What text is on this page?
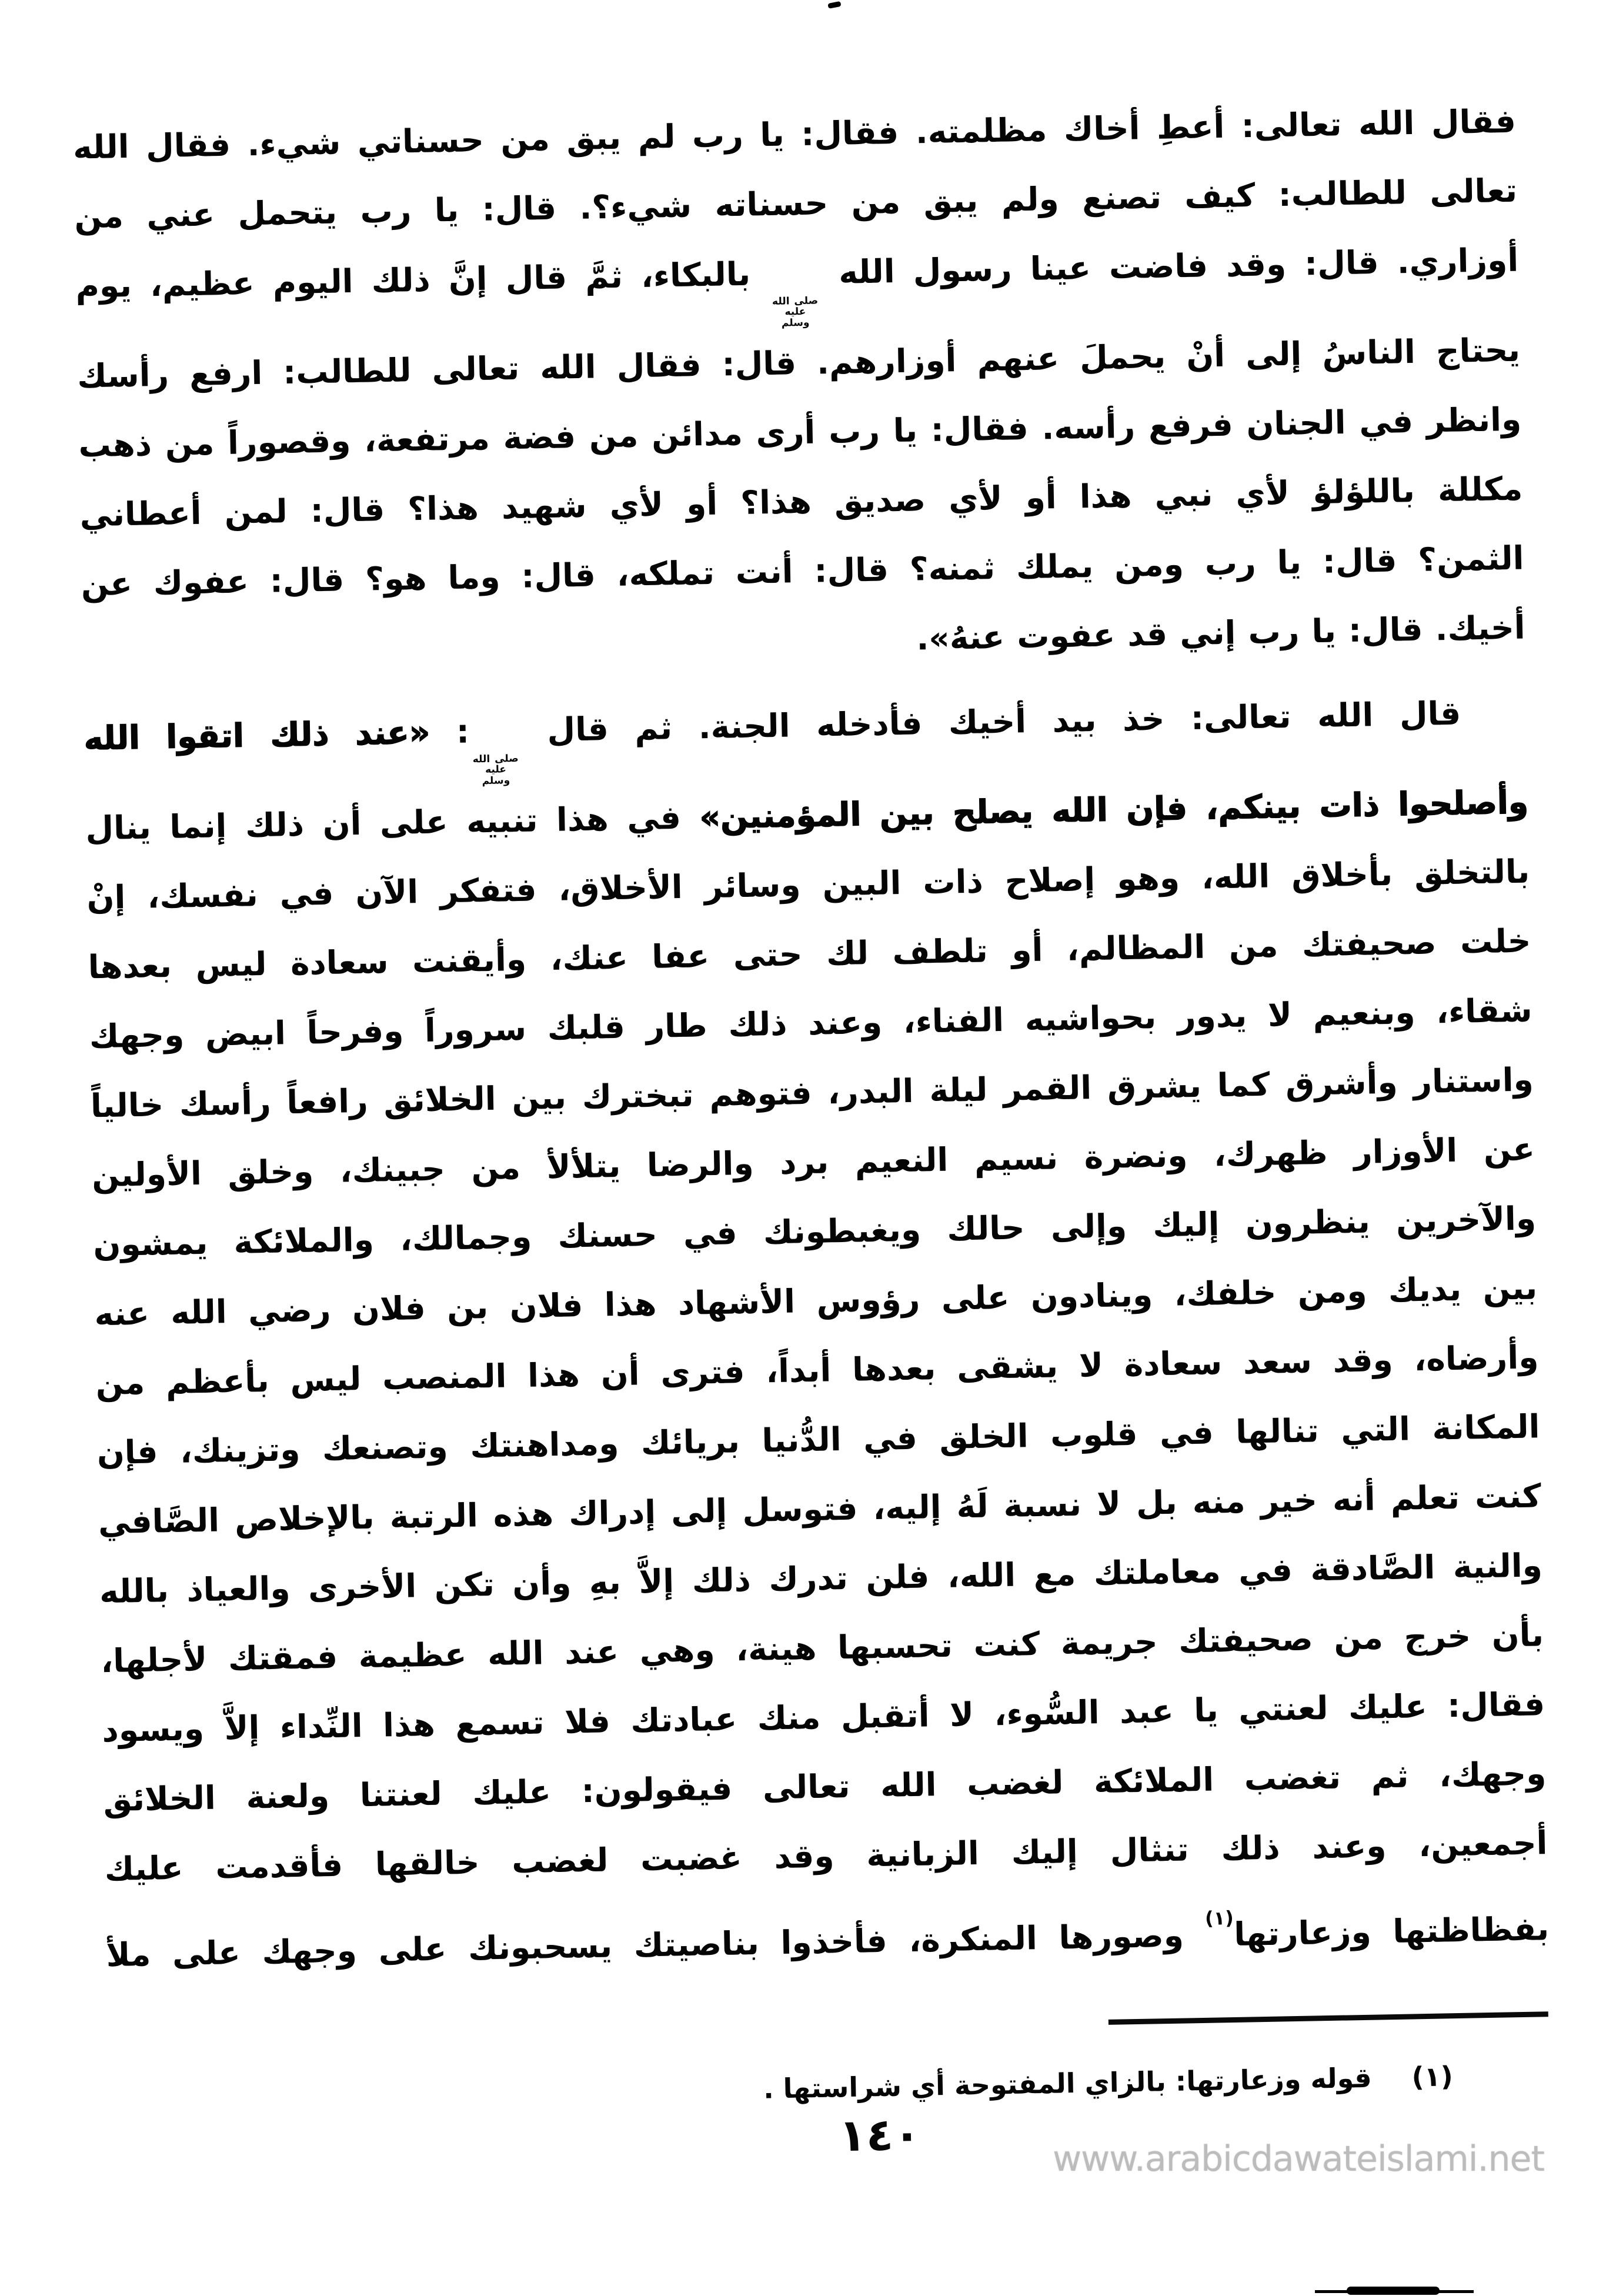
فقال الله تعالى: أعطِ أخاك مظلمته. فقال: يا رب لم يبق من حسناتي شيء. فقال الله
تعالى للطالب: كيف تصنع ولم يبق من حسناته شيء؟. قال: يا رب يتحمل عني من
أوزاري. قال: وقد فاضت عينا رسول الله
صلى الله
عليه
وسلم
بالبكاء، ثمَّ قال إنَّ ذلك اليوم عظيم، يوم
يحتاج الناسُ إلى أنْ يحملَ عنهم أوزارهم. قال: فقال الله تعالى للطالب: ارفع رأسك
وانظر في الجنان فرفع رأسه. فقال: يا رب أرى مدائن من فضة مرتفعة، وقصوراً من ذهب
مكللة باللؤلؤ لأي نبي هذا أو لأي صديق هذا؟ أو لأي شهيد هذا؟ قال: لمن أعطاني
الثمن؟ قال: يا رب ومن يملك ثمنه؟ قال: أنت تملكه، قال: وما هو؟ قال: عفوك عن
أخيك. قال: يا رب إني قد عفوت عنهُ».
قال الله تعالى: خذ بيد أخيك فأدخله الجنة. ثم قال
صلى الله
عليه
وسلم
: «عند ذلك اتقوا الله
وأصلحوا ذات بينكم، فإن الله يصلح بين المؤمنين» في هذا تنبيه على أن ذلك إنما ينال
بالتخلق بأخلاق الله، وهو إصلاح ذات البين وسائر الأخلاق، فتفكر الآن في نفسك، إنْ
خلت صحيفتك من المظالم، أو تلطف لك حتى عفا عنك، وأيقنت سعادة ليس بعدها
شقاء، وبنعيم لا يدور بحواشيه الفناء، وعند ذلك طار قلبك سروراً وفرحاً ابيض وجهك
واستنار وأشرق كما يشرق القمر ليلة البدر، فتوهم تبخترك بين الخلائق رافعاً رأسك خالياً
عن الأوزار ظهرك، ونضرة نسيم النعيم برد والرضا يتلألأ من جبينك، وخلق الأولين
والآخرين ينظرون إليك وإلى حالك ويغبطونك في حسنك وجمالك، والملائكة يمشون
بين يديك ومن خلفك، وينادون على رؤوس الأشهاد هذا فلان بن فلان رضي الله عنه
وأرضاه، وقد سعد سعادة لا يشقى بعدها أبداً، فترى أن هذا المنصب ليس بأعظم من
المكانة التي تنالها في قلوب الخلق في الدُّنيا بريائك ومداهنتك وتصنعك وتزينك، فإن
كنت تعلم أنه خير منه بل لا نسبة لَهُ إليه، فتوسل إلى إدراك هذه الرتبة بالإخلاص الصَّافي
والنية الصَّادقة في معاملتك مع الله، فلن تدرك ذلك إلاَّ بهِ وأن تكن الأخرى والعياذ بالله
بأن خرج من صحيفتك جريمة كنت تحسبها هينة، وهي عند الله عظيمة فمقتك لأجلها،
فقال: عليك لعنتي يا عبد السُّوء، لا أتقبل منك عبادتك فلا تسمع هذا النِّداء إلاَّ ويسود
وجهك، ثم تغضب الملائكة لغضب الله تعالى فيقولون: عليك لعنتنا ولعنة الخلائق
أجمعين، وعند ذلك تنثال إليك الزبانية وقد غضبت لغضب خالقها فأقدمت عليك
بفظاظتها وزعارتها$^{(١)}$ وصورها المنكرة، فأخذوا بناصيتك يسحبونك على وجهك على ملأ
(١) قوله وزعارتها: بالزاي المفتوحة أي شراستها .
١٤٠	www.arabicdawateislami.net
